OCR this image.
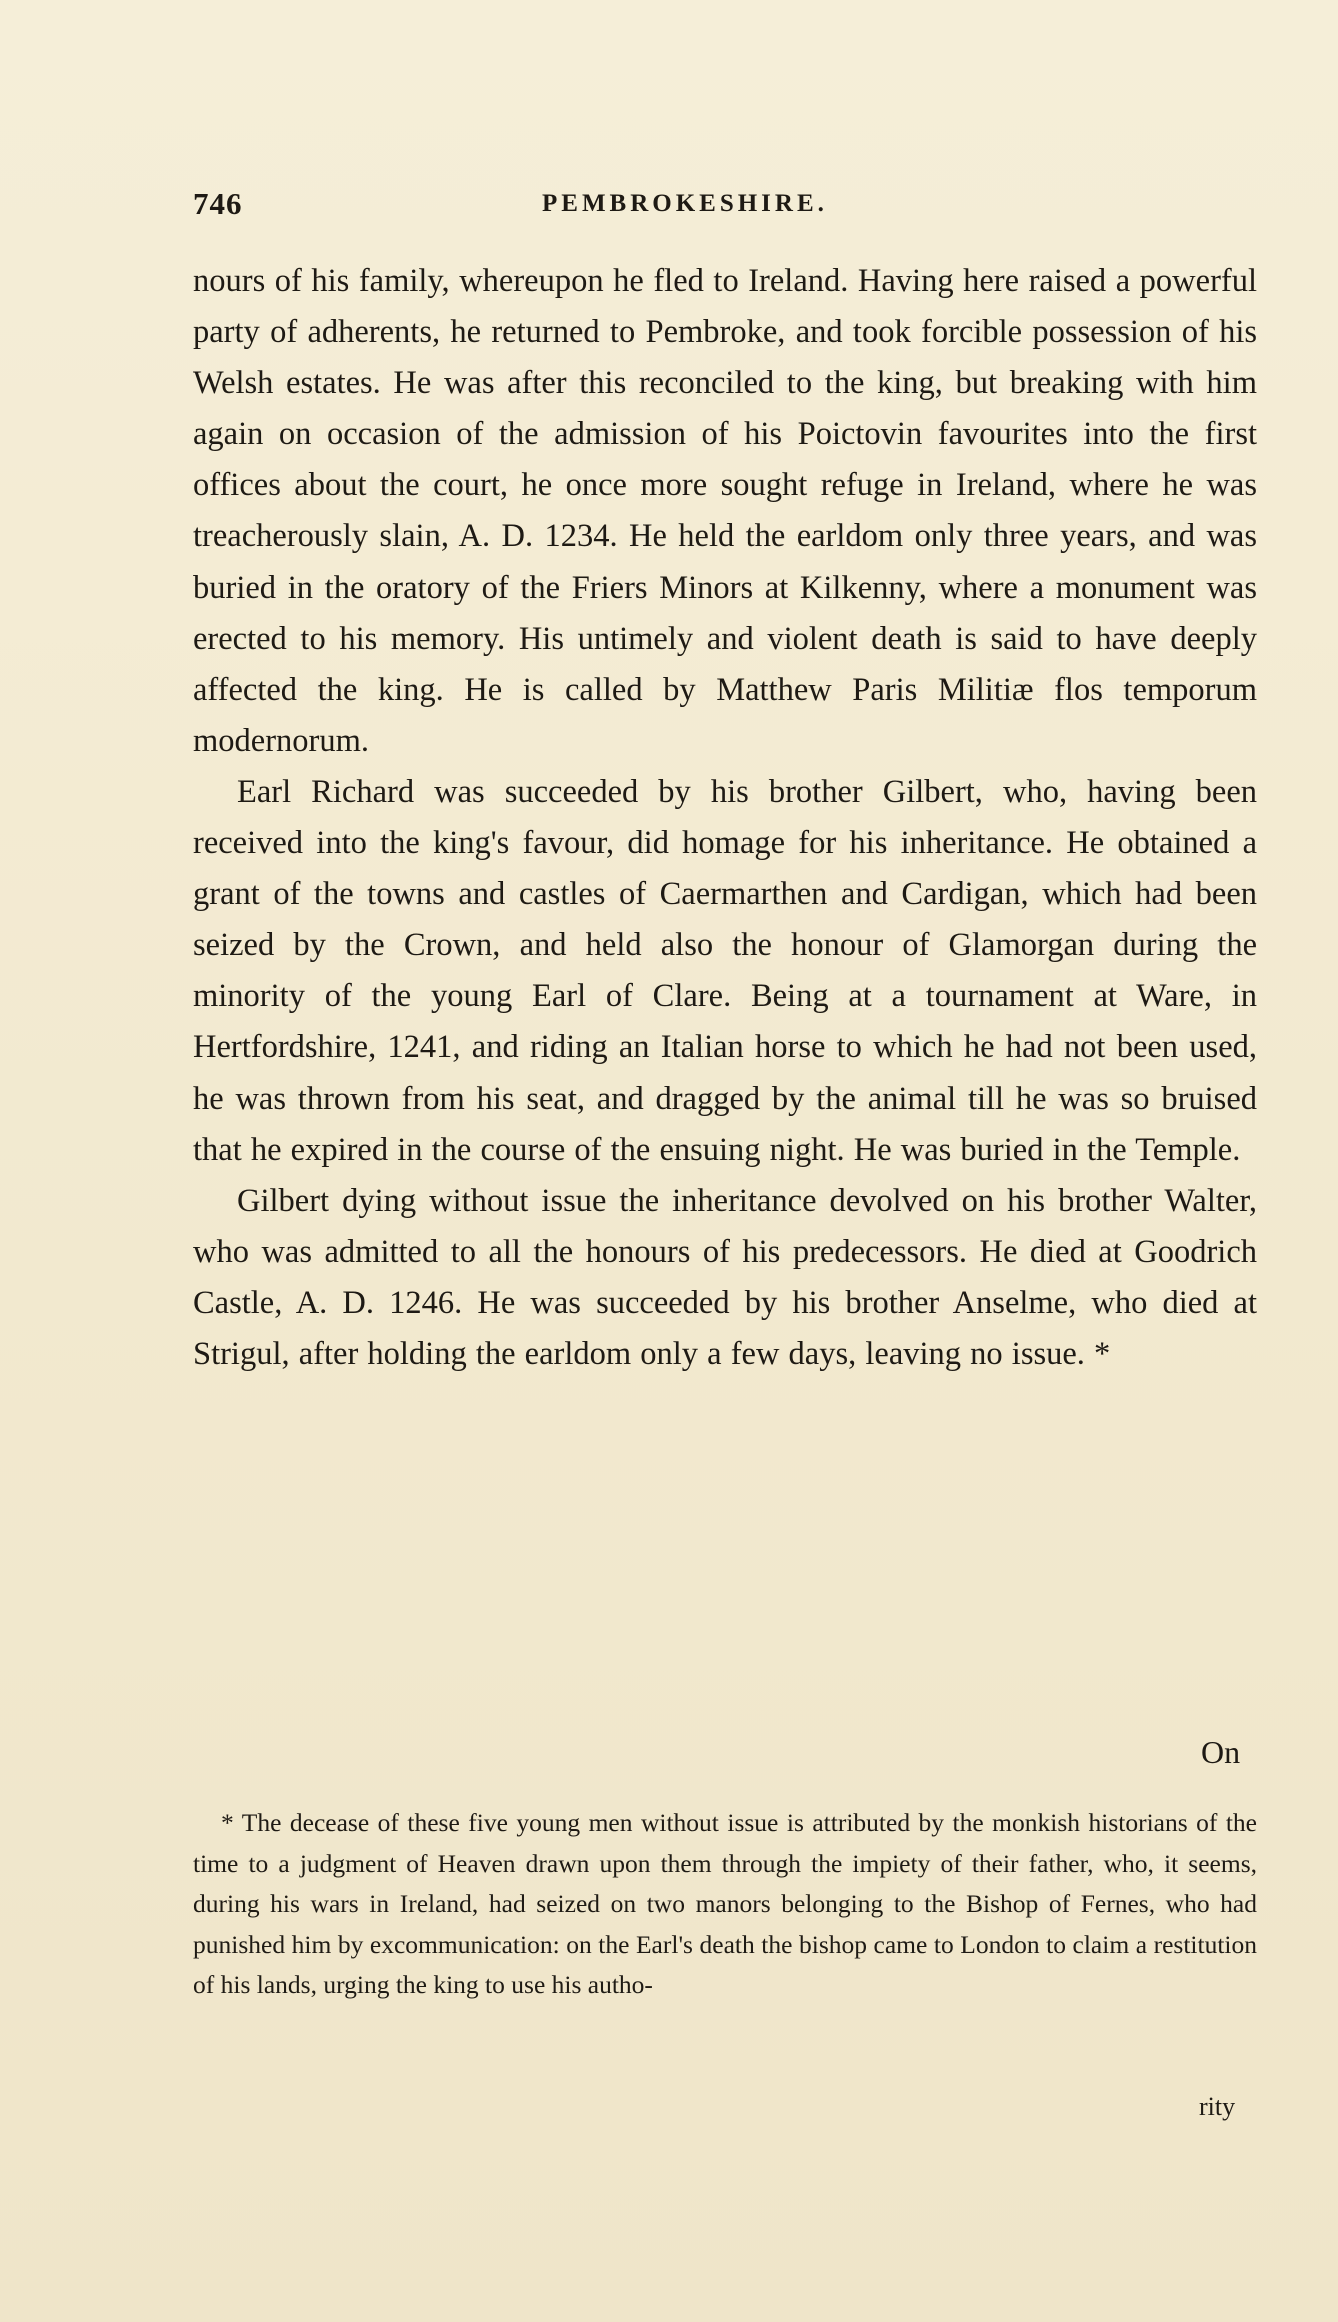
746	PEMBROKESHIRE.

nours of his family, whereupon he fled to Ireland. Having here raised a powerful party of adherents, he returned to Pembroke, and took forcible possession of his Welsh estates. He was after this reconciled to the king, but breaking with him again on occasion of the admission of his Poictovin favourites into the first offices about the court, he once more sought refuge in Ireland, where he was treacherously slain, A. D. 1234. He held the earldom only three years, and was buried in the oratory of the Friers Minors at Kilkenny, where a monument was erected to his memory. His untimely and violent death is said to have deeply affected the king. He is called by Matthew Paris Militiæ flos temporum modernorum.

Earl Richard was succeeded by his brother Gilbert, who, having been received into the king's favour, did homage for his inheritance. He obtained a grant of the towns and castles of Caermarthen and Cardigan, which had been seized by the Crown, and held also the honour of Glamorgan during the minority of the young Earl of Clare. Being at a tournament at Ware, in Hertfordshire, 1241, and riding an Italian horse to which he had not been used, he was thrown from his seat, and dragged by the animal till he was so bruised that he expired in the course of the ensuing night. He was buried in the Temple.

Gilbert dying without issue the inheritance devolved on his brother Walter, who was admitted to all the honours of his predecessors. He died at Goodrich Castle, A. D. 1246. He was succeeded by his brother Anselme, who died at Strigul, after holding the earldom only a few days, leaving no issue. *

On

* The decease of these five young men without issue is attributed by the monkish historians of the time to a judgment of Heaven drawn upon them through the impiety of their father, who, it seems, during his wars in Ireland, had seized on two manors belonging to the Bishop of Fernes, who had punished him by excommunication: on the Earl's death the bishop came to London to claim a restitution of his lands, urging the king to use his autho-

rity
